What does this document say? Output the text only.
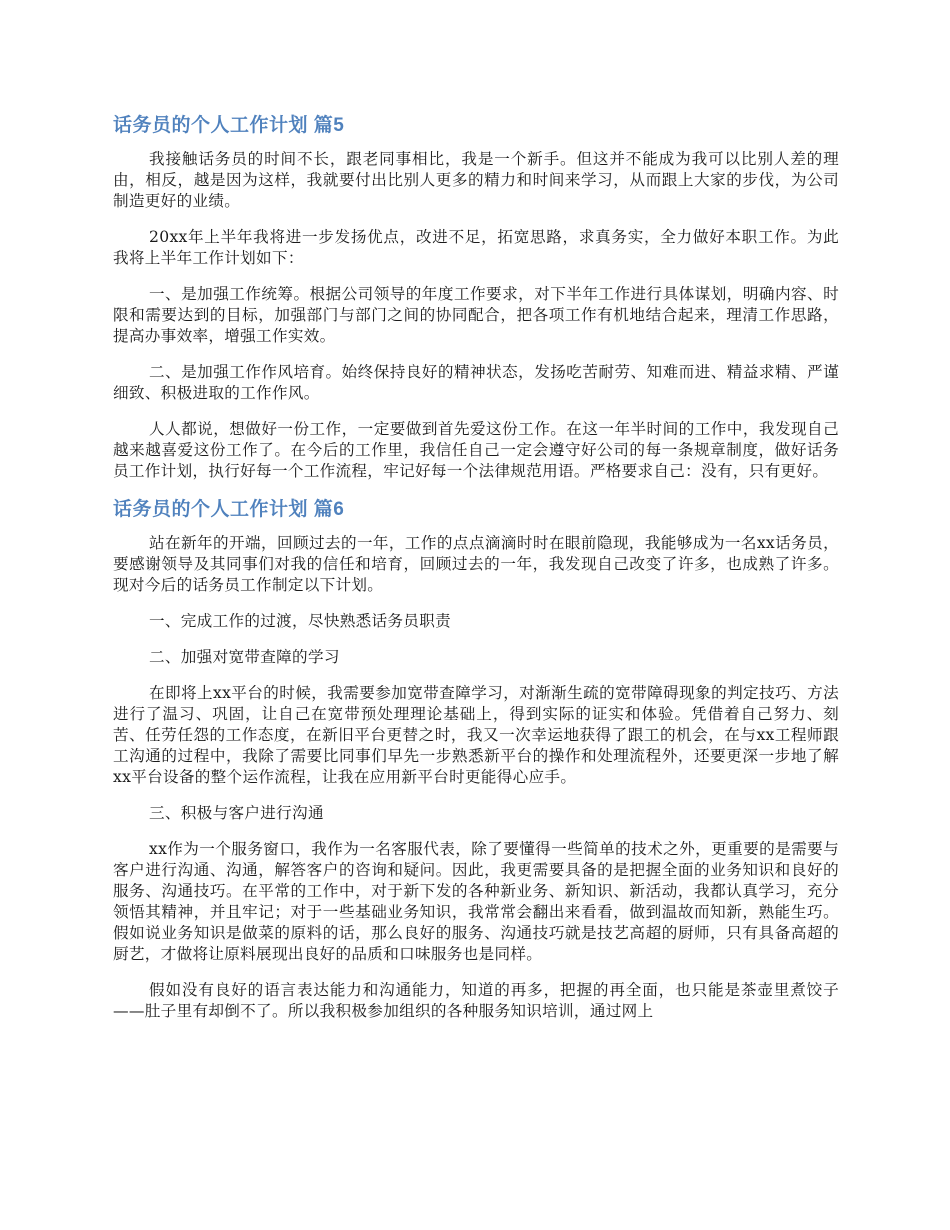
话务员的个人工作计划 篇5

我接触话务员的时间不长，跟老同事相比，我是一个新手。但这并不能成为我可以比别人差的理由，相反，越是因为这样，我就要付出比别人更多的精力和时间来学习，从而跟上大家的步伐，为公司制造更好的业绩。

20xx年上半年我将进一步发扬优点，改进不足，拓宽思路，求真务实，全力做好本职工作。为此我将上半年工作计划如下：

一、是加强工作统筹。根据公司领导的年度工作要求，对下半年工作进行具体谋划，明确内容、时限和需要达到的目标，加强部门与部门之间的协同配合，把各项工作有机地结合起来，理清工作思路，提高办事效率，增强工作实效。

二、是加强工作作风培育。始终保持良好的精神状态，发扬吃苦耐劳、知难而进、精益求精、严谨细致、积极进取的工作作风。

人人都说，想做好一份工作，一定要做到首先爱这份工作。在这一年半时间的工作中，我发现自己越来越喜爱这份工作了。在今后的工作里，我信任自己一定会遵守好公司的每一条规章制度，做好话务员工作计划，执行好每一个工作流程，牢记好每一个法律规范用语。严格要求自己：没有，只有更好。

话务员的个人工作计划 篇6

站在新年的开端，回顾过去的一年，工作的点点滴滴时时在眼前隐现，我能够成为一名xx话务员，要感谢领导及其同事们对我的信任和培育，回顾过去的一年，我发现自己改变了许多，也成熟了许多。现对今后的话务员工作制定以下计划。

一、完成工作的过渡，尽快熟悉话务员职责

二、加强对宽带查障的学习

在即将上xx平台的时候，我需要参加宽带查障学习，对渐渐生疏的宽带障碍现象的判定技巧、方法进行了温习、巩固，让自己在宽带预处理理论基础上，得到实际的证实和体验。凭借着自己努力、刻苦、任劳任怨的工作态度，在新旧平台更替之时，我又一次幸运地获得了跟工的机会，在与xx工程师跟工沟通的过程中，我除了需要比同事们早先一步熟悉新平台的操作和处理流程外，还要更深一步地了解xx平台设备的整个运作流程，让我在应用新平台时更能得心应手。

三、积极与客户进行沟通

xx作为一个服务窗口，我作为一名客服代表，除了要懂得一些简单的技术之外，更重要的是需要与客户进行沟通、沟通，解答客户的咨询和疑问。因此，我更需要具备的是把握全面的业务知识和良好的服务、沟通技巧。在平常的工作中，对于新下发的各种新业务、新知识、新活动，我都认真学习，充分领悟其精神，并且牢记；对于一些基础业务知识，我常常会翻出来看看，做到温故而知新，熟能生巧。假如说业务知识是做菜的原料的话，那么良好的服务、沟通技巧就是技艺高超的厨师，只有具备高超的厨艺，才做将让原料展现出良好的品质和口味服务也是同样。

假如没有良好的语言表达能力和沟通能力，知道的再多，把握的再全面，也只能是茶壶里煮饺子——肚子里有却倒不了。所以我积极参加组织的各种服务知识培训，通过网上
